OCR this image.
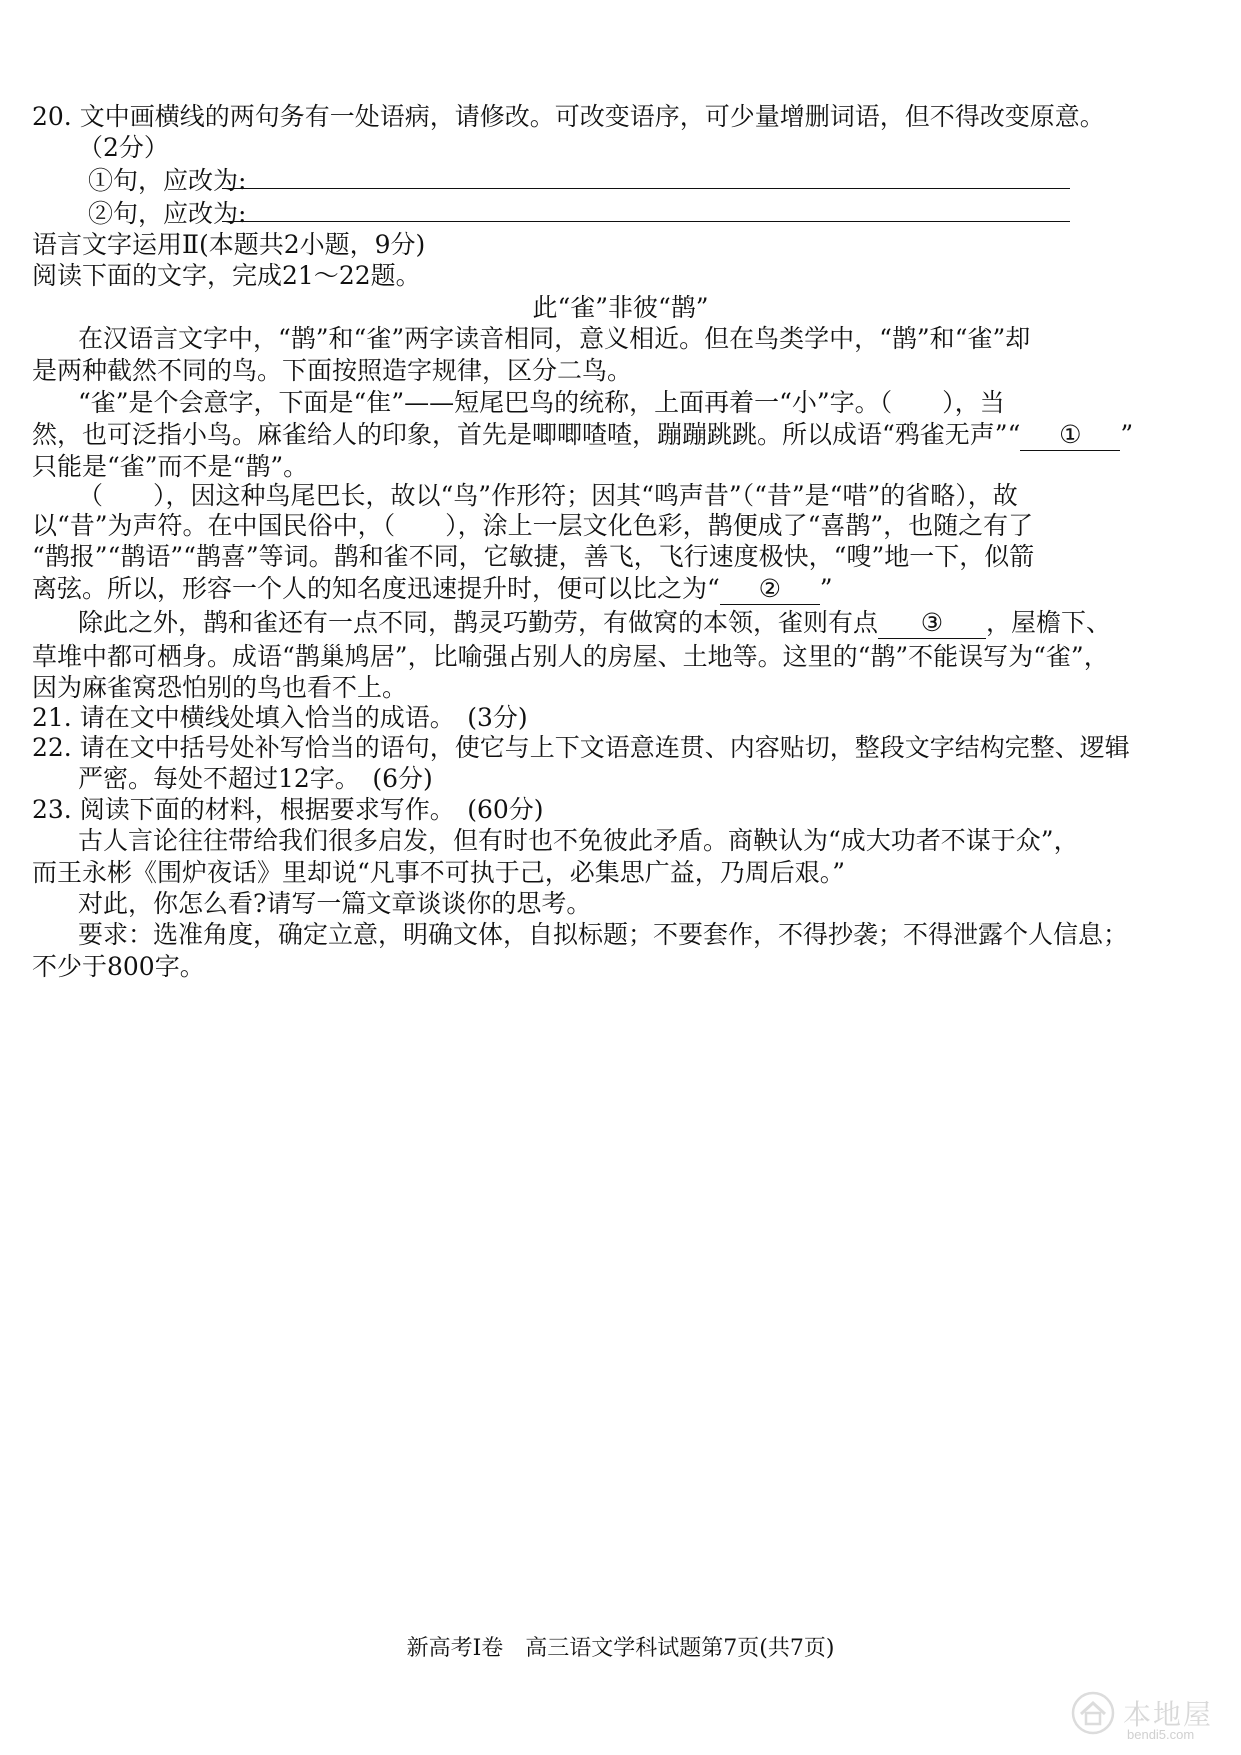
20. 文中画横线的两句务有一处语病，请修改。可改变语序，可少量增删词语，但不得改变原意。
（2分）
①句，应改为:
②句，应改为:
语言文字运用Ⅱ(本题共2小题，9分)
阅读下面的文字，完成21～22题。
此“雀”非彼“鹊”
在汉语言文字中，“鹊”和“雀”两字读音相同，意义相近。但在鸟类学中，“鹊”和“雀”却
是两种截然不同的鸟。下面按照造字规律，区分二鸟。
“雀”是个会意字，下面是“隹”——短尾巴鸟的统称，上面再着一“小”字。（　　），当
然，也可泛指小鸟。麻雀给人的印象，首先是唧唧喳喳，蹦蹦跳跳。所以成语“鸦雀无声”“ ① ”
只能是“雀”而不是“鹊”。
（　　），因这种鸟尾巴长，故以“鸟”作形符；因其“鸣声昔”（“昔”是“唶”的省略），故
以“昔”为声符。在中国民俗中，（　　），涂上一层文化色彩，鹊便成了“喜鹊”，也随之有了
“鹊报”“鹊语”“鹊喜”等词。鹊和雀不同，它敏捷，善飞，飞行速度极快，“嗖”地一下，似箭
离弦。所以，形容一个人的知名度迅速提升时，便可以比之为“ ② ”
除此之外，鹊和雀还有一点不同，鹊灵巧勤劳，有做窝的本领，雀则有点 ③ ，屋檐下、
草堆中都可栖身。成语“鹊巢鸠居”，比喻强占别人的房屋、土地等。这里的“鹊”不能误写为“雀”，
因为麻雀窝恐怕别的鸟也看不上。
21. 请在文中横线处填入恰当的成语。　(3分)
22. 请在文中括号处补写恰当的语句，使它与上下文语意连贯、内容贴切，整段文字结构完整、逻辑
严密。每处不超过12字。　(6分)
23. 阅读下面的材料，根据要求写作。　(60分)
古人言论往往带给我们很多启发，但有时也不免彼此矛盾。商鞅认为“成大功者不谋于众”，
而王永彬《围炉夜话》里却说“凡事不可执于己，必集思广益，乃周后艰。”
对此，你怎么看?请写一篇文章谈谈你的思考。
要求：选准角度，确定立意，明确文体，自拟标题；不要套作，不得抄袭；不得泄露个人信息；
不少于800字。
新高考Ⅰ卷　高三语文学科试题第7页(共7页)
本地屋
bendi5.com
